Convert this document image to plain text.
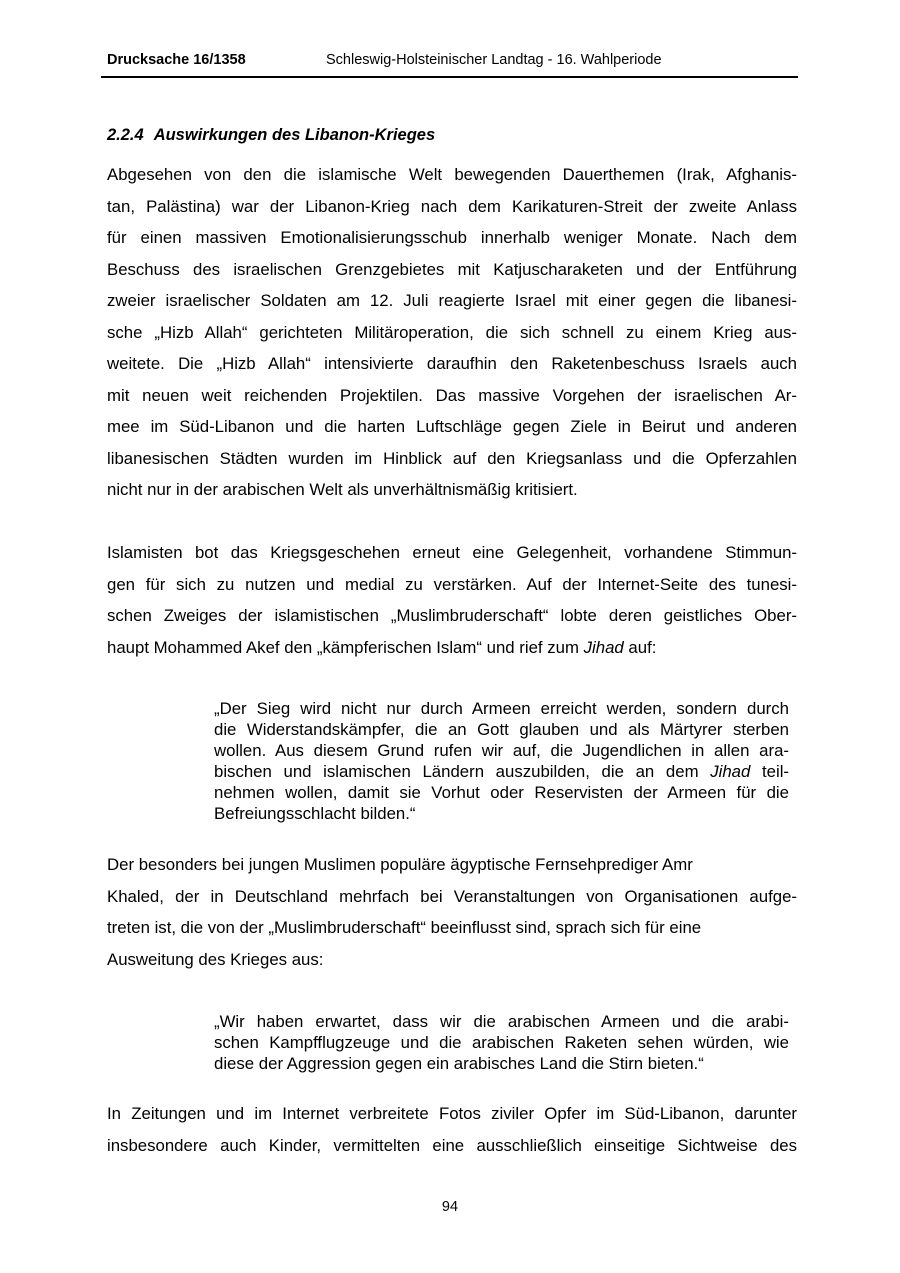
Drucksache 16/1358	Schleswig-Holsteinischer Landtag - 16. Wahlperiode
2.2.4 Auswirkungen des Libanon-Krieges
Abgesehen von den die islamische Welt bewegenden Dauerthemen (Irak, Afghanis-
tan, Palästina) war der Libanon-Krieg nach dem Karikaturen-Streit der zweite Anlass
für einen massiven Emotionalisierungsschub innerhalb weniger Monate. Nach dem
Beschuss des israelischen Grenzgebietes mit Katjuscharaketen und der Entführung
zweier israelischer Soldaten am 12. Juli reagierte Israel mit einer gegen die libanesi-
sche „Hizb Allah“ gerichteten Militäroperation, die sich schnell zu einem Krieg aus-
weitete. Die „Hizb Allah“ intensivierte daraufhin den Raketenbeschuss Israels auch
mit neuen weit reichenden Projektilen. Das massive Vorgehen der israelischen Ar-
mee im Süd-Libanon und die harten Luftschläge gegen Ziele in Beirut und anderen
libanesischen Städten wurden im Hinblick auf den Kriegsanlass und die Opferzahlen
nicht nur in der arabischen Welt als unverhältnismäßig kritisiert.
Islamisten bot das Kriegsgeschehen erneut eine Gelegenheit, vorhandene Stimmun-
gen für sich zu nutzen und medial zu verstärken. Auf der Internet-Seite des tunesi-
schen Zweiges der islamistischen „Muslimbruderschaft“ lobte deren geistliches Ober-
haupt Mohammed Akef den „kämpferischen Islam“ und rief zum Jihad auf:
„Der Sieg wird nicht nur durch Armeen erreicht werden, sondern durch
die Widerstandskämpfer, die an Gott glauben und als Märtyrer sterben
wollen. Aus diesem Grund rufen wir auf, die Jugendlichen in allen ara-
bischen und islamischen Ländern auszubilden, die an dem Jihad teil-
nehmen wollen, damit sie Vorhut oder Reservisten der Armeen für die
Befreiungsschlacht bilden.“
Der besonders bei jungen Muslimen populäre ägyptische Fernsehprediger Amr
Khaled, der in Deutschland mehrfach bei Veranstaltungen von Organisationen aufge-
treten ist, die von der „Muslimbruderschaft“ beeinflusst sind, sprach sich für eine
Ausweitung des Krieges aus:
„Wir haben erwartet, dass wir die arabischen Armeen und die arabi-
schen Kampfflugzeuge und die arabischen Raketen sehen würden, wie
diese der Aggression gegen ein arabisches Land die Stirn bieten.“
In Zeitungen und im Internet verbreitete Fotos ziviler Opfer im Süd-Libanon, darunter
insbesondere auch Kinder, vermittelten eine ausschließlich einseitige Sichtweise des
94
